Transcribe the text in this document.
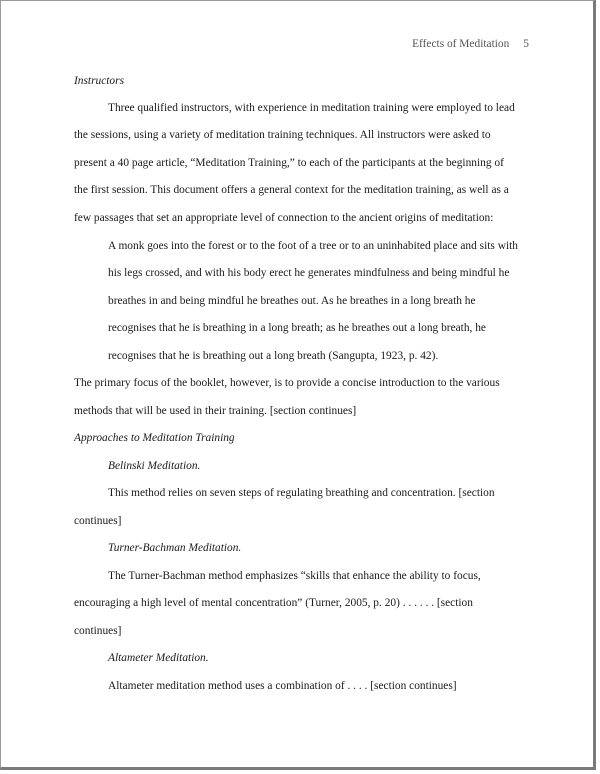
Effects of Meditation 5
Instructors
Three qualified instructors, with experience in meditation training were employed to lead
the sessions, using a variety of meditation training techniques. All instructors were asked to
present a 40 page article, “Meditation Training,” to each of the participants at the beginning of
the first session. This document offers a general context for the meditation training, as well as a
few passages that set an appropriate level of connection to the ancient origins of meditation:
A monk goes into the forest or to the foot of a tree or to an uninhabited place and sits with
his legs crossed, and with his body erect he generates mindfulness and being mindful he
breathes in and being mindful he breathes out. As he breathes in a long breath he
recognises that he is breathing in a long breath; as he breathes out a long breath, he
recognises that he is breathing out a long breath (Sangupta, 1923, p. 42).
The primary focus of the booklet, however, is to provide a concise introduction to the various
methods that will be used in their training. [section continues]
Approaches to Meditation Training
Belinski Meditation.
This method relies on seven steps of regulating breathing and concentration. [section
continues]
Turner-Bachman Meditation.
The Turner-Bachman method emphasizes “skills that enhance the ability to focus,
encouraging a high level of mental concentration” (Turner, 2005, p. 20) . . . . . . [section
continues]
Altameter Meditation.
Altameter meditation method uses a combination of . . . . [section continues]
